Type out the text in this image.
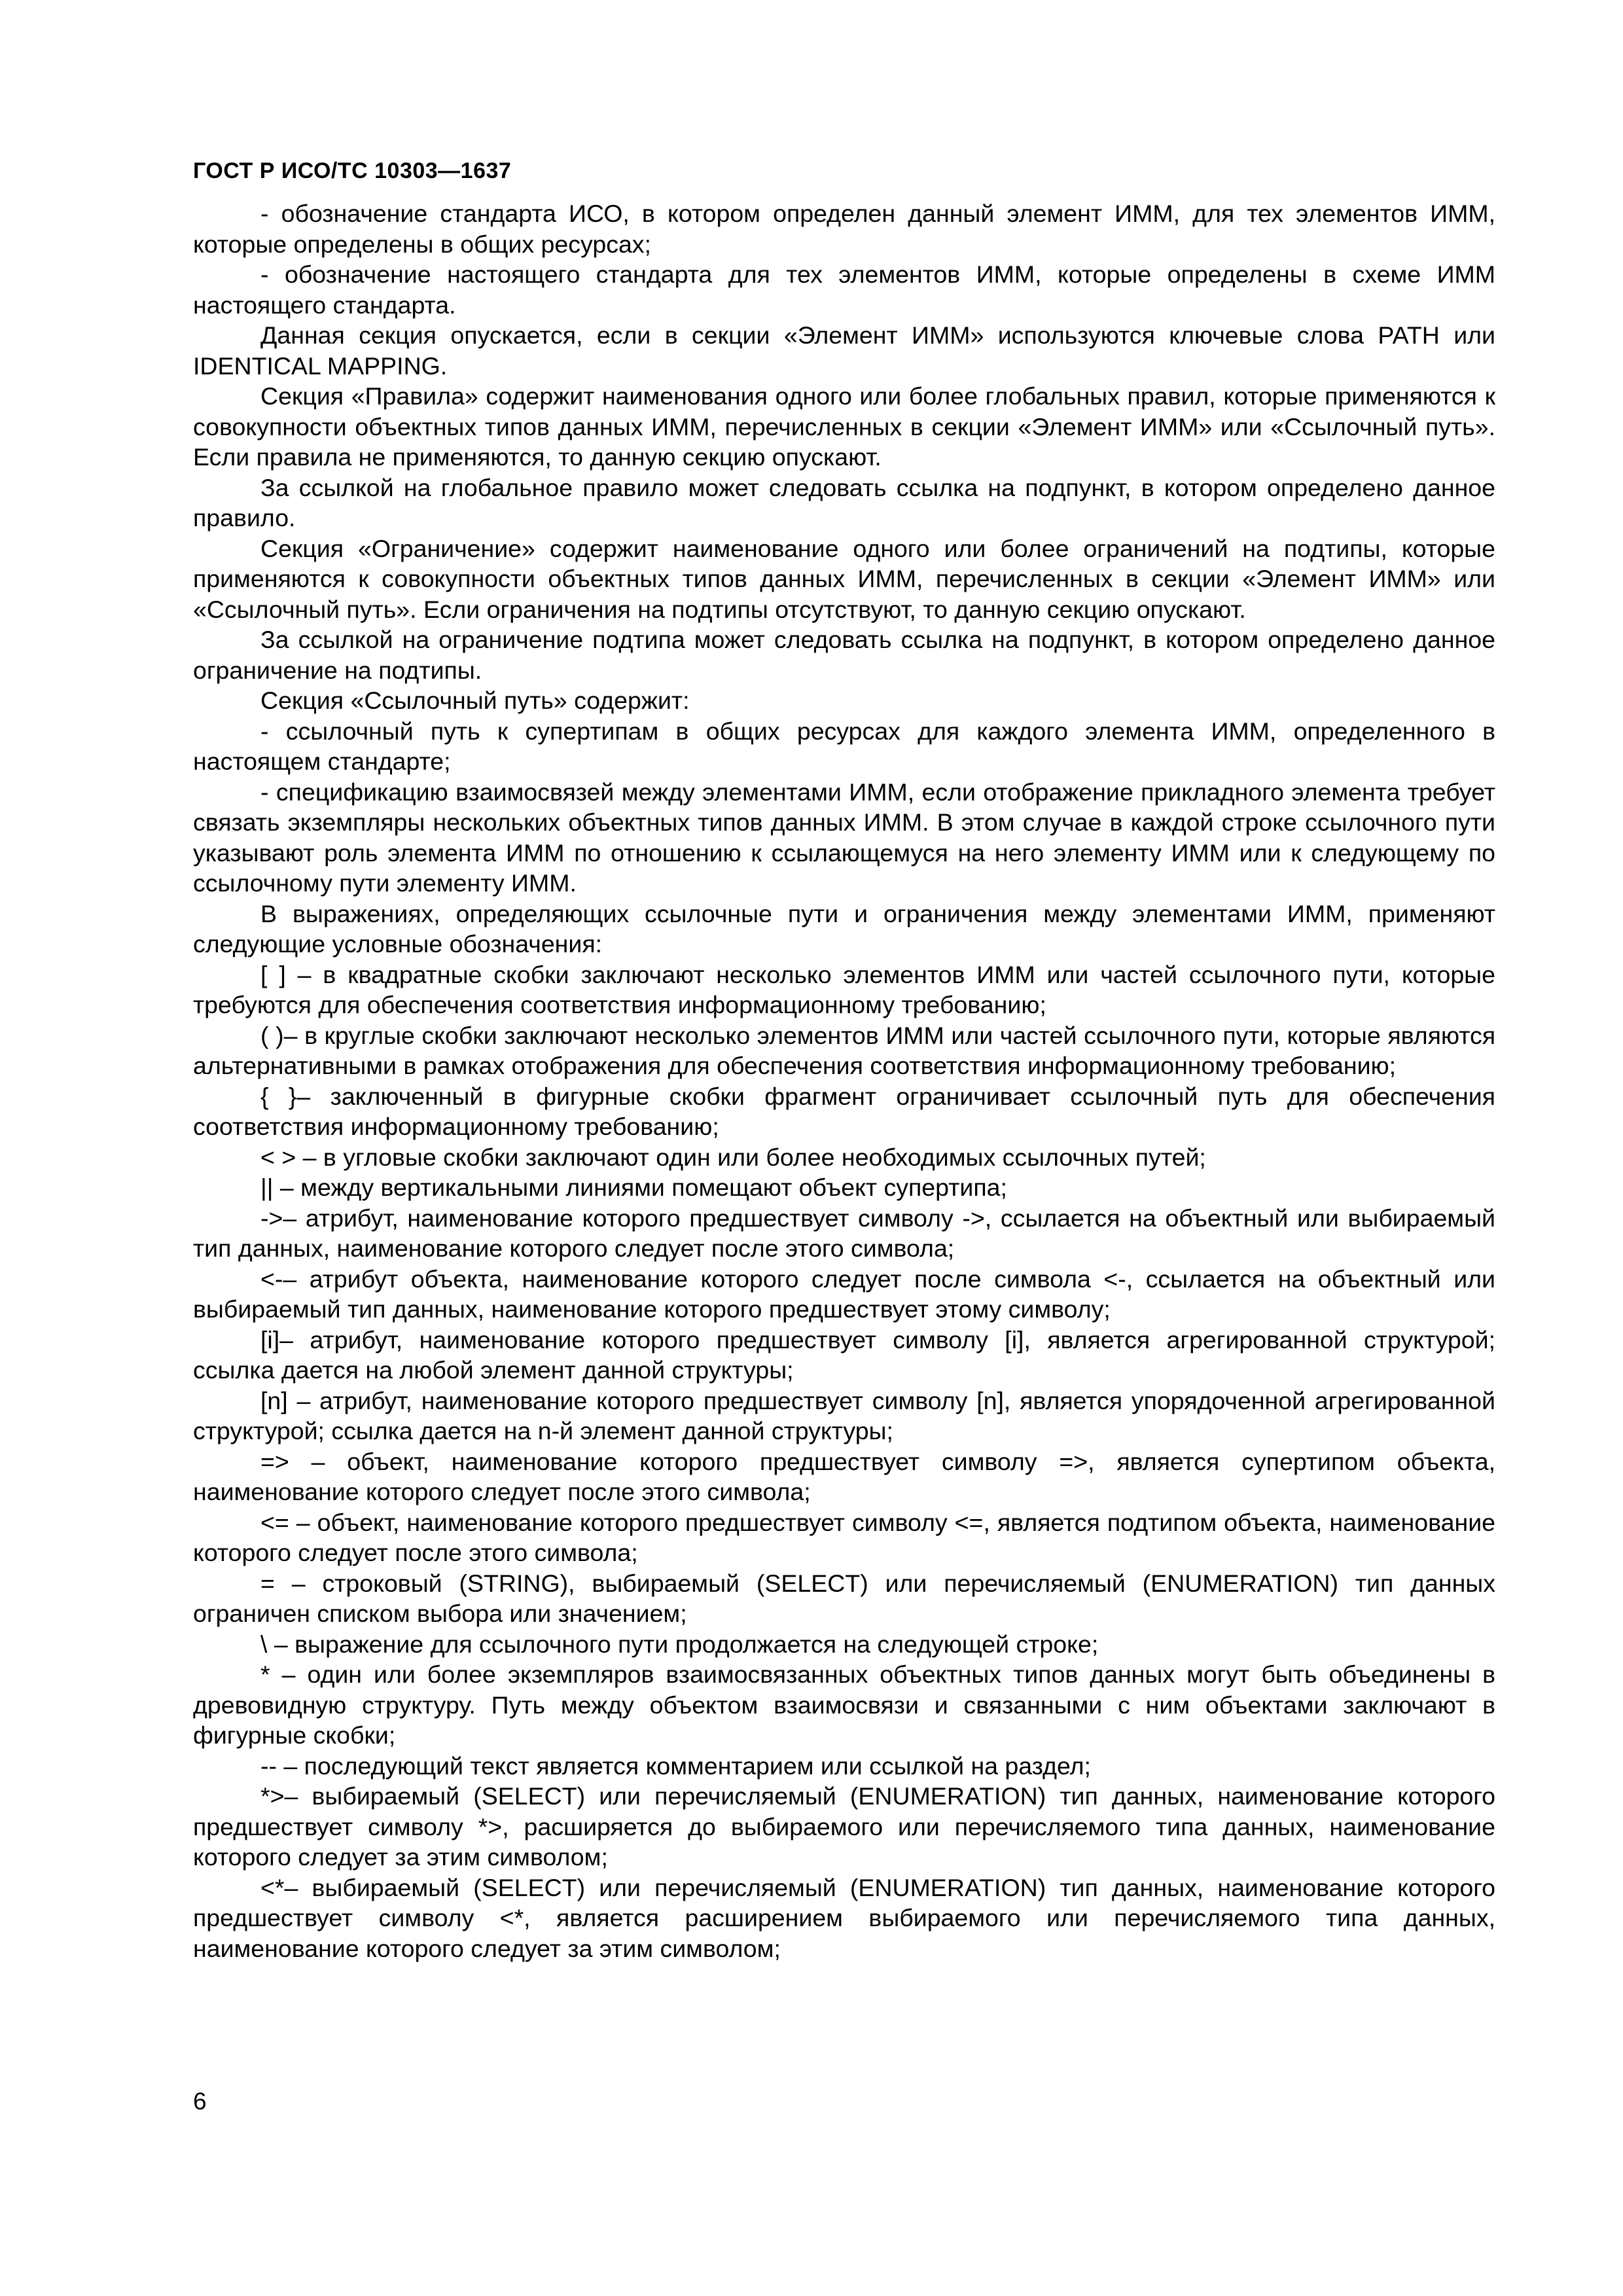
ГОСТ Р ИСО/ТС 10303—1637

- обозначение стандарта ИСО, в котором определен данный элемент ИММ, для тех элементов ИММ, которые определены в общих ресурсах;

- обозначение настоящего стандарта для тех элементов ИММ, которые определены в схеме ИММ настоящего стандарта.

Данная секция опускается, если в секции «Элемент ИММ» используются ключевые слова PATH или IDENTICAL MAPPING.

Секция «Правила» содержит наименования одного или более глобальных правил, которые применяются к совокупности объектных типов данных ИММ, перечисленных в секции «Элемент ИММ» или «Ссылочный путь». Если правила не применяются, то данную секцию опускают.

За ссылкой на глобальное правило может следовать ссылка на подпункт, в котором определено данное правило.

Секция «Ограничение» содержит наименование одного или более ограничений на подтипы, которые применяются к совокупности объектных типов данных ИММ, перечисленных в секции «Элемент ИММ» или «Ссылочный путь». Если ограничения на подтипы отсутствуют, то данную секцию опускают.

За ссылкой на ограничение подтипа может следовать ссылка на подпункт, в котором определено данное ограничение на подтипы.

Секция «Ссылочный путь» содержит:

- ссылочный путь к супертипам в общих ресурсах для каждого элемента ИММ, определенного в настоящем стандарте;

- спецификацию взаимосвязей между элементами ИММ, если отображение прикладного элемента требует связать экземпляры нескольких объектных типов данных ИММ. В этом случае в каждой строке ссылочного пути указывают роль элемента ИММ по отношению к ссылающемуся на него элементу ИММ или к следующему по ссылочному пути элементу ИММ.

В выражениях, определяющих ссылочные пути и ограничения между элементами ИММ, применяют следующие условные обозначения:

[ ] – в квадратные скобки заключают несколько элементов ИММ или частей ссылочного пути, которые требуются для обеспечения соответствия информационному требованию;

( )– в круглые скобки заключают несколько элементов ИММ или частей ссылочного пути, которые являются альтернативными в рамках отображения для обеспечения соответствия информационному требованию;

{ }– заключенный в фигурные скобки фрагмент ограничивает ссылочный путь для обеспечения соответствия информационному требованию;

< > – в угловые скобки заключают один или более необходимых ссылочных путей;

|| – между вертикальными линиями помещают объект супертипа;

->– атрибут, наименование которого предшествует символу ->, ссылается на объектный или выбираемый тип данных, наименование которого следует после этого символа;

<-– атрибут объекта, наименование которого следует после символа <-, ссылается на объектный или выбираемый тип данных, наименование которого предшествует этому символу;

[i]– атрибут, наименование которого предшествует символу [i], является агрегированной структурой; ссылка дается на любой элемент данной структуры;

[n] – атрибут, наименование которого предшествует символу [n], является упорядоченной агрегированной структурой; ссылка дается на n-й элемент данной структуры;

=> – объект, наименование которого предшествует символу =>, является супертипом объекта, наименование которого следует после этого символа;

<= – объект, наименование которого предшествует символу <=, является подтипом объекта, наименование которого следует после этого символа;

= – строковый (STRING), выбираемый (SELECT) или перечисляемый (ENUMERATION) тип данных ограничен списком выбора или значением;

\ – выражение для ссылочного пути продолжается на следующей строке;

* – один или более экземпляров взаимосвязанных объектных типов данных могут быть объединены в древовидную структуру. Путь между объектом взаимосвязи и связанными с ним объектами заключают в фигурные скобки;

-- – последующий текст является комментарием или ссылкой на раздел;

*>– выбираемый (SELECT) или перечисляемый (ENUMERATION) тип данных, наименование которого предшествует символу *>, расширяется до выбираемого или перечисляемого типа данных, наименование которого следует за этим символом;

<*– выбираемый (SELECT) или перечисляемый (ENUMERATION) тип данных, наименование которого предшествует символу <*, является расширением выбираемого или перечисляемого типа данных, наименование которого следует за этим символом;

6
